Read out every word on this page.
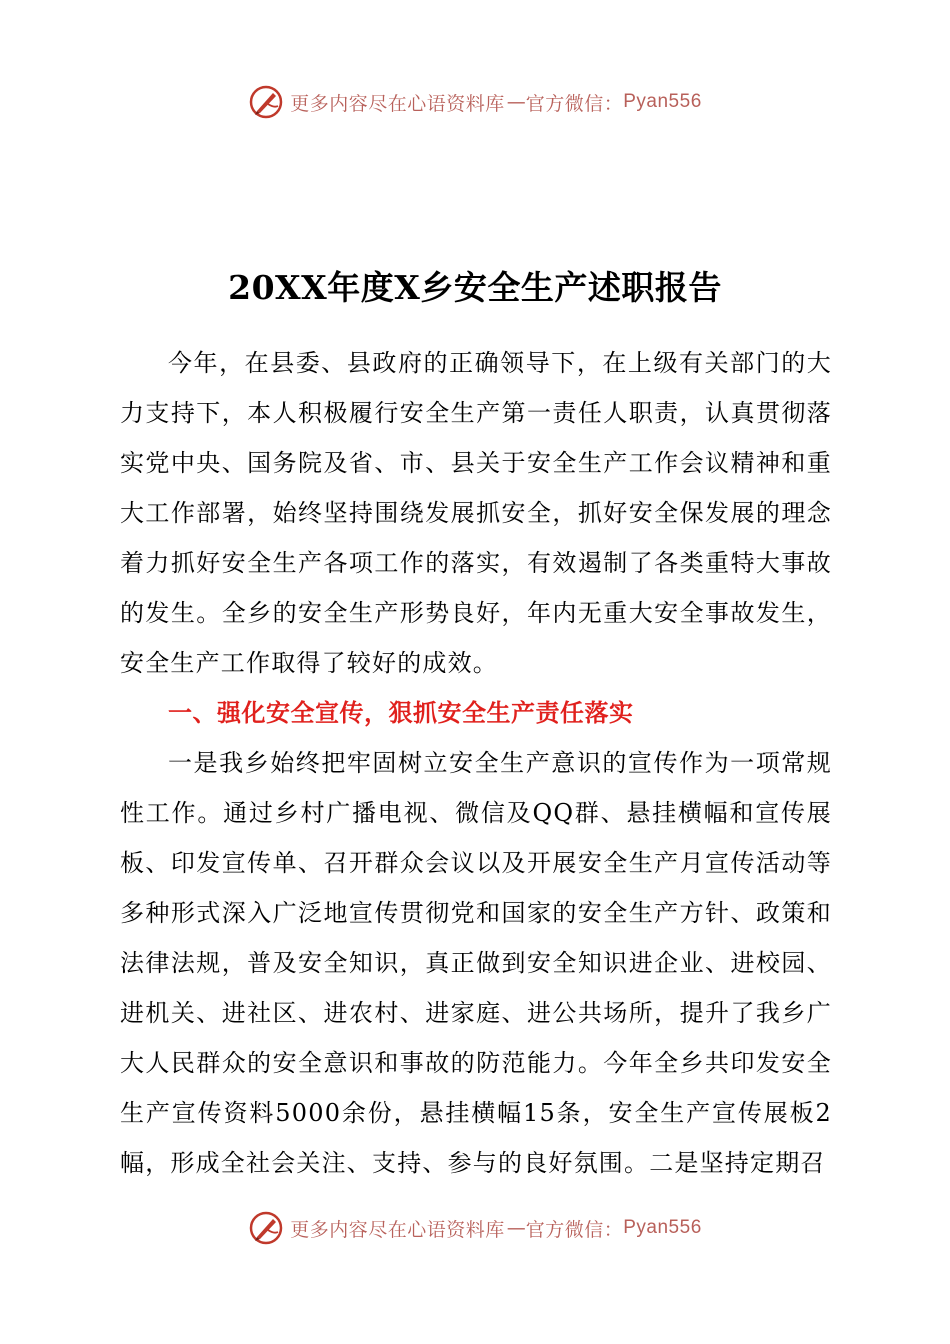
更多内容尽在心语资料库 — 官方微信： Pyan556
20XX年度X乡安全生产述职报告

今年，在县委、县政府的正确领导下，在上级有关部门的大力支持下，本人积极履行安全生产第一责任人职责，认真贯彻落实党中央、国务院及省、市、县关于安全生产工作会议精神和重大工作部署，始终坚持围绕发展抓安全，抓好安全保发展的理念着力抓好安全生产各项工作的落实，有效遏制了各类重特大事故的发生。全乡的安全生产形势良好，年内无重大安全事故发生，安全生产工作取得了较好的成效。

一、强化安全宣传，狠抓安全生产责任落实

一是我乡始终把牢固树立安全生产意识的宣传作为一项常规性工作。通过乡村广播电视、微信及QQ群、悬挂横幅和宣传展板、印发宣传单、召开群众会议以及开展安全生产月宣传活动等多种形式深入广泛地宣传贯彻党和国家的安全生产方针、政策和法律法规，普及安全知识，真正做到安全知识进企业、进校园、进机关、进社区、进农村、进家庭、进公共场所，提升了我乡广大人民群众的安全意识和事故的防范能力。今年全乡共印发安全生产宣传资料5000余份，悬挂横幅15条，安全生产宣传展板2幅，形成全社会关注、支持、参与的良好氛围。二是坚持定期召

更多内容尽在心语资料库 — 官方微信： Pyan556
